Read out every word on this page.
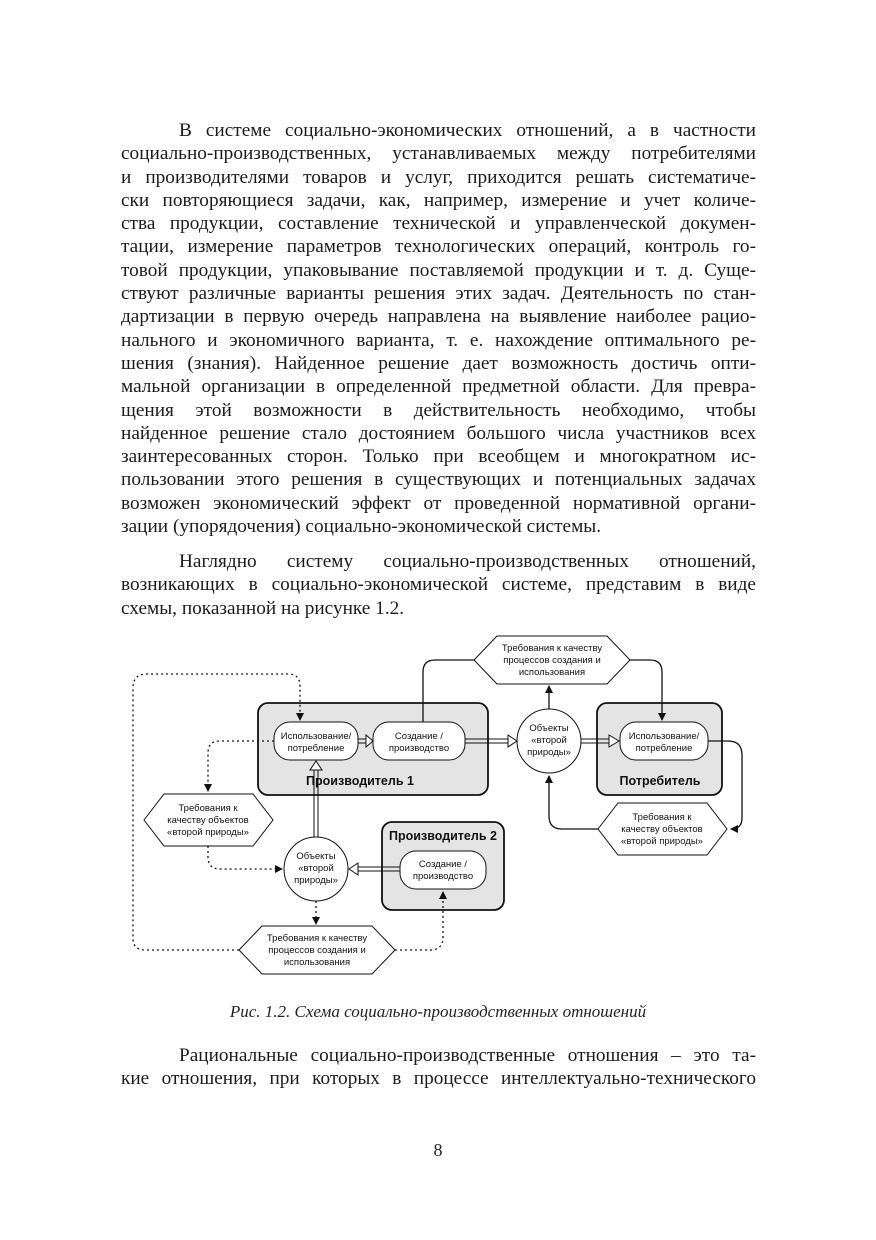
В системе социально-экономических отношений, а в частности
социально-производственных, устанавливаемых между потребителями
и производителями товаров и услуг, приходится решать систематиче-
ски повторяющиеся задачи, как, например, измерение и учет количе-
ства продукции, составление технической и управленческой докумен-
тации, измерение параметров технологических операций, контроль го-
товой продукции, упаковывание поставляемой продукции и т. д. Суще-
ствуют различные варианты решения этих задач. Деятельность по стан-
дартизации в первую очередь направлена на выявление наиболее рацио-
нального и экономичного варианта, т. е. нахождение оптимального ре-
шения (знания). Найденное решение дает возможность достичь опти-
мальной организации в определенной предметной области. Для превра-
щения этой возможности в действительность необходимо, чтобы
найденное решение стало достоянием большого числа участников всех
заинтересованных сторон. Только при всеобщем и многократном ис-
пользовании этого решения в существующих и потенциальных задачах
возможен экономический эффект от проведенной нормативной органи-
зации (упорядочения) социально-экономической системы.

Наглядно систему социально-производственных отношений,
возникающих в социально-экономической системе, представим в виде
схемы, показанной на рисунке 1.2.

Производитель 1	Потребитель
Производитель 2
Использование/
потребление
Создание /
производство
Использование/
потребление
Создание /
производство
Объекты
«второй
природы»
Объекты
«второй
природы»
Требования к качеству
процессов создания и
использования
Требования к
качеству объектов
«второй природы»
Требования к
качеству объектов
«второй природы»
Требования к качеству
процессов создания и
использования
Рис. 1.2. Схема социально-производственных отношений

Рациональные социально-производственные отношения – это та-
кие отношения, при которых в процессе интеллектуально-технического

8
